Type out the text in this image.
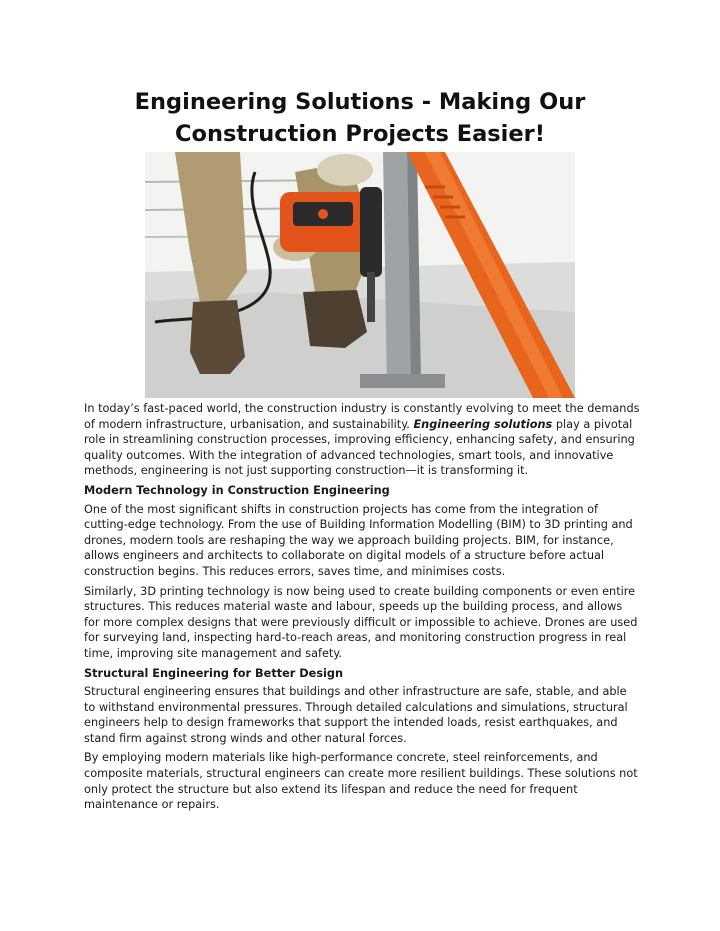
Engineering Solutions - Making Our Construction Projects Easier!

In today’s fast-paced world, the construction industry is constantly evolving to meet the demands of modern infrastructure, urbanisation, and sustainability. Engineering solutions play a pivotal role in streamlining construction processes, improving efficiency, enhancing safety, and ensuring quality outcomes. With the integration of advanced technologies, smart tools, and innovative methods, engineering is not just supporting construction—it is transforming it.

Modern Technology in Construction Engineering

One of the most significant shifts in construction projects has come from the integration of cutting-edge technology. From the use of Building Information Modelling (BIM) to 3D printing and drones, modern tools are reshaping the way we approach building projects. BIM, for instance, allows engineers and architects to collaborate on digital models of a structure before actual construction begins. This reduces errors, saves time, and minimises costs.

Similarly, 3D printing technology is now being used to create building components or even entire structures. This reduces material waste and labour, speeds up the building process, and allows for more complex designs that were previously difficult or impossible to achieve. Drones are used for surveying land, inspecting hard-to-reach areas, and monitoring construction progress in real time, improving site management and safety.

Structural Engineering for Better Design

Structural engineering ensures that buildings and other infrastructure are safe, stable, and able to withstand environmental pressures. Through detailed calculations and simulations, structural engineers help to design frameworks that support the intended loads, resist earthquakes, and stand firm against strong winds and other natural forces.

By employing modern materials like high-performance concrete, steel reinforcements, and composite materials, structural engineers can create more resilient buildings. These solutions not only protect the structure but also extend its lifespan and reduce the need for frequent maintenance or repairs.
